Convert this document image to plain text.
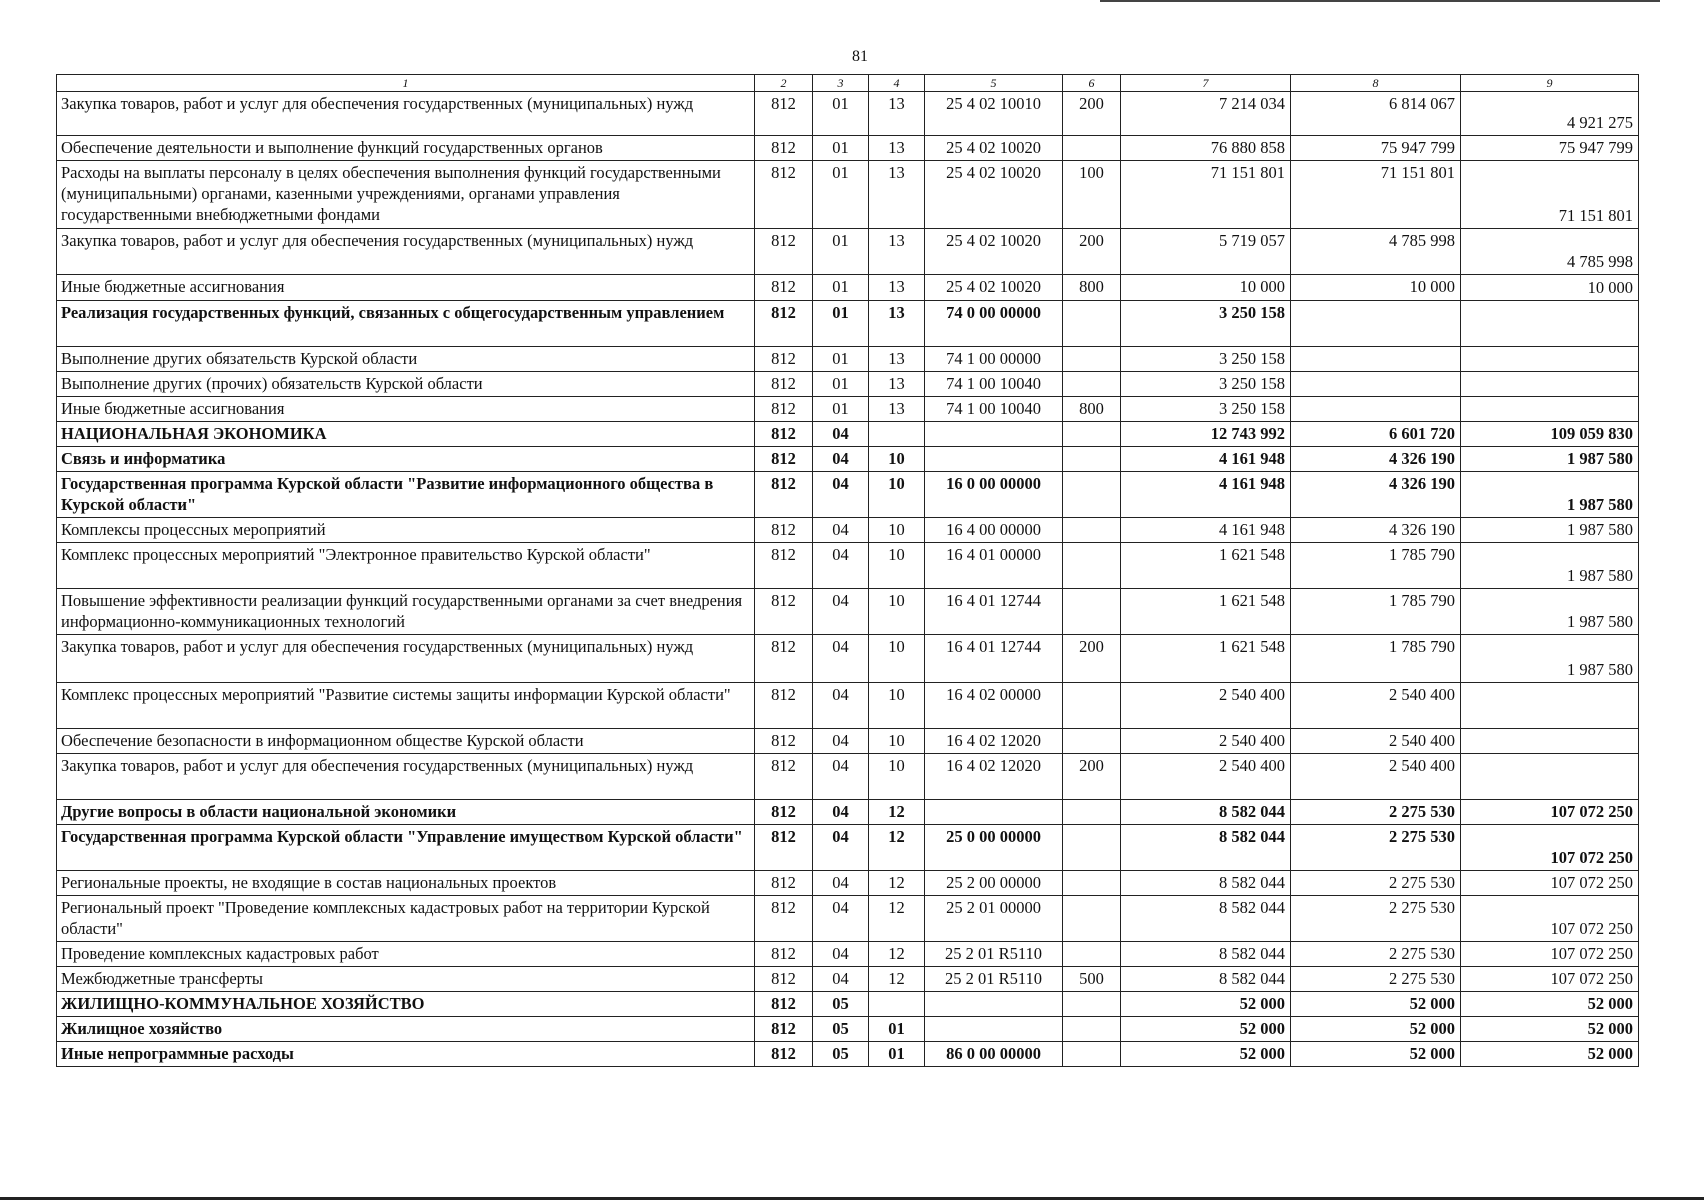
81
1	2	3	4	5	6	7	8	9
Закупка товаров, работ и услуг для обеспечения государственных (муниципальных) нужд	812	01	13	25 4 02 10010	200	7 214 034	6 814 067	4 921 275
Обеспечение деятельности и выполнение функций государственных органов	812	01	13	25 4 02 10020		76 880 858	75 947 799	75 947 799
Расходы на выплаты персоналу в целях обеспечения выполнения функций государственными (муниципальными) органами, казенными учреждениями, органами управления государственными внебюджетными фондами	812	01	13	25 4 02 10020	100	71 151 801	71 151 801	71 151 801
Закупка товаров, работ и услуг для обеспечения государственных (муниципальных) нужд	812	01	13	25 4 02 10020	200	5 719 057	4 785 998	4 785 998
Иные бюджетные ассигнования	812	01	13	25 4 02 10020	800	10 000	10 000	10 000
Реализация государственных функций, связанных с общегосударственным управлением	812	01	13	74 0 00 00000		3 250 158		
Выполнение других обязательств Курской области	812	01	13	74 1 00 00000		3 250 158		
Выполнение других (прочих) обязательств Курской области	812	01	13	74 1 00 10040		3 250 158		
Иные бюджетные ассигнования	812	01	13	74 1 00 10040	800	3 250 158		
НАЦИОНАЛЬНАЯ ЭКОНОМИКА	812	04				12 743 992	6 601 720	109 059 830
Связь и информатика	812	04	10			4 161 948	4 326 190	1 987 580
Государственная программа Курской области "Развитие информационного общества в Курской области"	812	04	10	16 0 00 00000		4 161 948	4 326 190	1 987 580
Комплексы процессных мероприятий	812	04	10	16 4 00 00000		4 161 948	4 326 190	1 987 580
Комплекс процессных мероприятий "Электронное правительство Курской области"	812	04	10	16 4 01 00000		1 621 548	1 785 790	1 987 580
Повышение эффективности реализации функций государственными органами за счет внедрения информационно-коммуникационных технологий	812	04	10	16 4 01 12744		1 621 548	1 785 790	1 987 580
Закупка товаров, работ и услуг для обеспечения государственных (муниципальных) нужд	812	04	10	16 4 01 12744	200	1 621 548	1 785 790	1 987 580
Комплекс процессных мероприятий "Развитие системы защиты информации Курской области"	812	04	10	16 4 02 00000		2 540 400	2 540 400	
Обеспечение безопасности в информационном обществе Курской области	812	04	10	16 4 02 12020		2 540 400	2 540 400	
Закупка товаров, работ и услуг для обеспечения государственных (муниципальных) нужд	812	04	10	16 4 02 12020	200	2 540 400	2 540 400	
Другие вопросы в области национальной экономики	812	04	12			8 582 044	2 275 530	107 072 250
Государственная программа Курской области "Управление имуществом Курской области"	812	04	12	25 0 00 00000		8 582 044	2 275 530	107 072 250
Региональные проекты, не входящие в состав национальных проектов	812	04	12	25 2 00 00000		8 582 044	2 275 530	107 072 250
Региональный проект "Проведение комплексных кадастровых работ на территории Курской области"	812	04	12	25 2 01 00000		8 582 044	2 275 530	107 072 250
Проведение комплексных кадастровых работ	812	04	12	25 2 01 R5110		8 582 044	2 275 530	107 072 250
Межбюджетные трансферты	812	04	12	25 2 01 R5110	500	8 582 044	2 275 530	107 072 250
ЖИЛИЩНО-КОММУНАЛЬНОЕ ХОЗЯЙСТВО	812	05				52 000	52 000	52 000
Жилищное хозяйство	812	05	01			52 000	52 000	52 000
Иные непрограммные расходы	812	05	01	86 0 00 00000		52 000	52 000	52 000
